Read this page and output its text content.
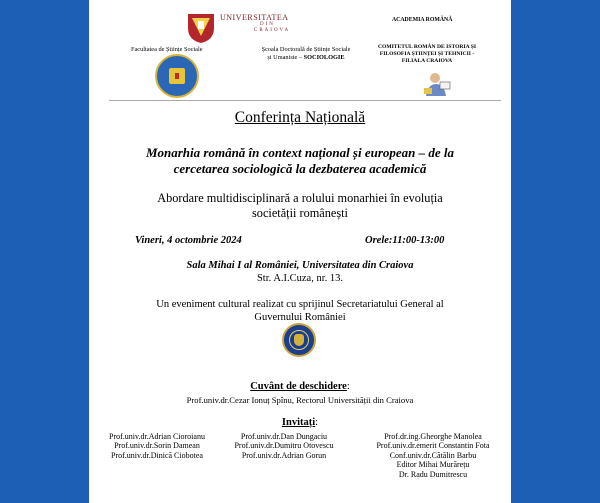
UNIVERSITATEA
DIN
CRAIOVA
Facultatea de Științe Sociale	Școala Doctorală de Științe Sociale
și Umaniste – SOCIOLOGIE
ACADEMIA ROMÂNĂ
COMITETUL ROMÂN DE ISTORIA ȘI
FILOSOFIA ȘTIINȚEI ȘI TEHNICII -
FILIALA CRAIOVA
Conferința Națională
Monarhia română în context național și european – de la
cercetarea sociologică la dezbaterea academică
Abordare multidisciplinară a rolului monarhiei în evoluția
societății românești
Vineri, 4 octombrie 2024	Orele:11:00-13:00
Sala Mihai I al României, Universitatea din Craiova
Str. A.I.Cuza, nr. 13.
Un eveniment cultural realizat cu sprijinul Secretariatului General al
Guvernului României
Cuvânt de deschidere:
Prof.univ.dr.Cezar Ionuț Spînu, Rectorul Universității din Craiova
Invitați:
Prof.univ.dr.Adrian Cioroianu
Prof.univ.dr.Sorin Damean
Prof.univ.dr.Dinică Ciobotea
Prof.univ.dr.Dan Dungaciu
Prof.univ.dr.Dumitru Otovescu
Prof.univ.dr.Adrian Gorun
Prof.dr.ing.Gheorghe Manolea
Prof.univ.dr.emerit Constantin Fota
Conf.univ.dr.Cătălin Barbu
Editor Mihai Murărețu
Dr. Radu Dumitrescu
